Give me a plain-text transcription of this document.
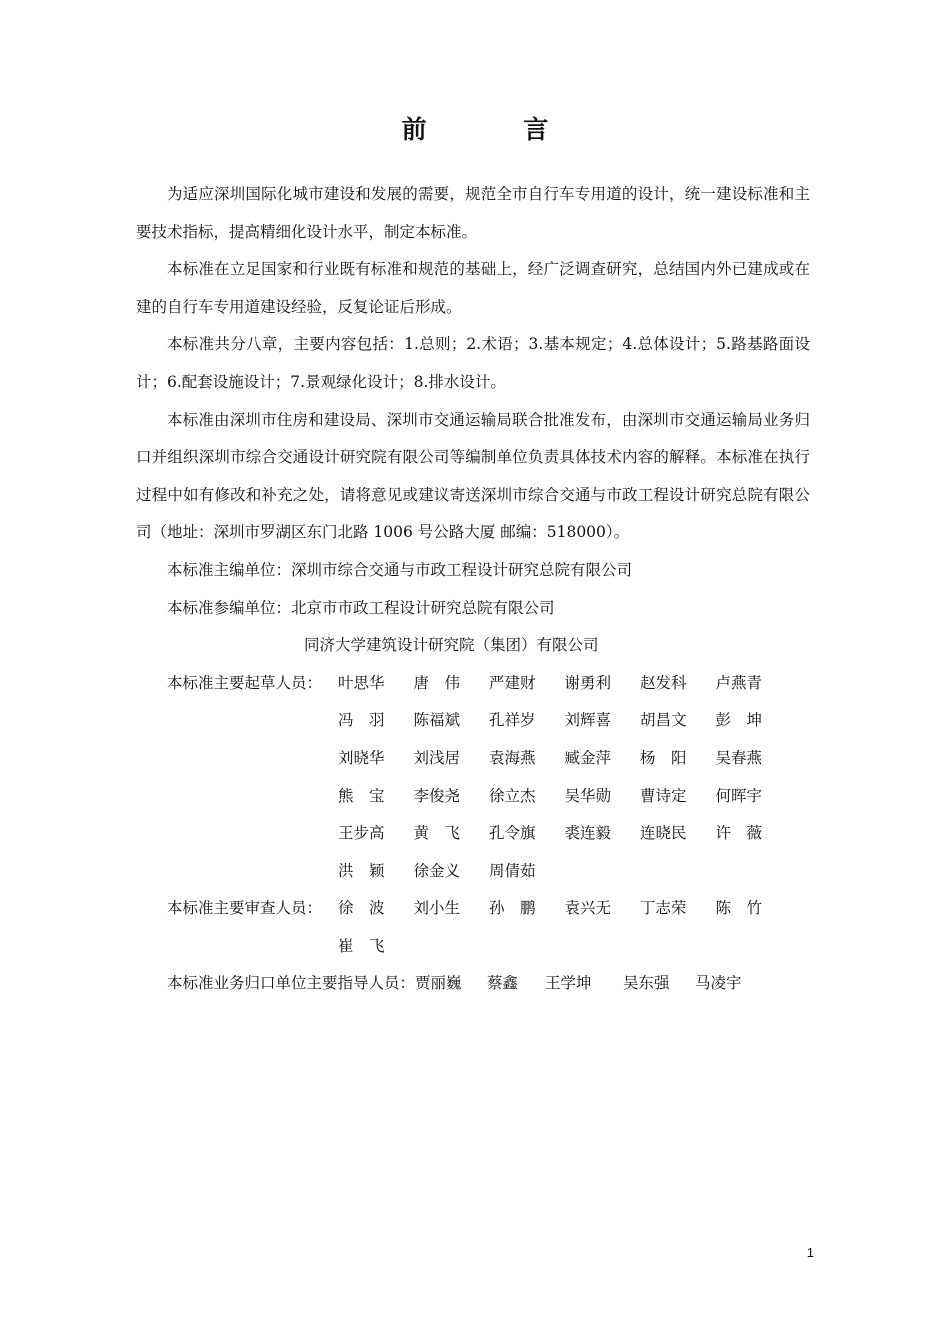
前 言

为适应深圳国际化城市建设和发展的需要，规范全市自行车专用道的设计，统一建设标准和主要技术指标，提高精细化设计水平，制定本标准。

本标准在立足国家和行业既有标准和规范的基础上，经广泛调查研究，总结国内外已建成或在建的自行车专用道建设经验，反复论证后形成。

本标准共分八章，主要内容包括：1.总则；2.术语；3.基本规定；4.总体设计；5.路基路面设计；6.配套设施设计；7.景观绿化设计；8.排水设计。

本标准由深圳市住房和建设局、深圳市交通运输局联合批准发布，由深圳市交通运输局业务归口并组织深圳市综合交通设计研究院有限公司等编制单位负责具体技术内容的解释。本标准在执行过程中如有修改和补充之处，请将意见或建议寄送深圳市综合交通与市政工程设计研究总院有限公司（地址：深圳市罗湖区东门北路 1006 号公路大厦 邮编：518000）。

本标准主编单位：深圳市综合交通与市政工程设计研究总院有限公司

本标准参编单位：北京市市政工程设计研究总院有限公司

同济大学建筑设计研究院（集团）有限公司

本标准主要起草人员：	叶思华	唐　伟	严建财	谢勇利	赵发科	卢燕青
冯　羽	陈福斌	孔祥岁	刘辉喜	胡昌文	彭　坤
刘晓华	刘浅居	袁海燕	臧金萍	杨　阳	吴春燕
熊　宝	李俊尧	徐立杰	吴华勋	曹诗定	何晖宇
王步高	黄　飞	孔令旗	裘连毅	连晓民	许　薇
洪　颖	徐金义	周倩茹
本标准主要审查人员：	徐　波	刘小生	孙　鹏	袁兴无	丁志荣	陈　竹
崔　飞
本标准业务归口单位主要指导人员： 贾丽巍	蔡鑫	王学坤	吴东强	马凌宇
1
